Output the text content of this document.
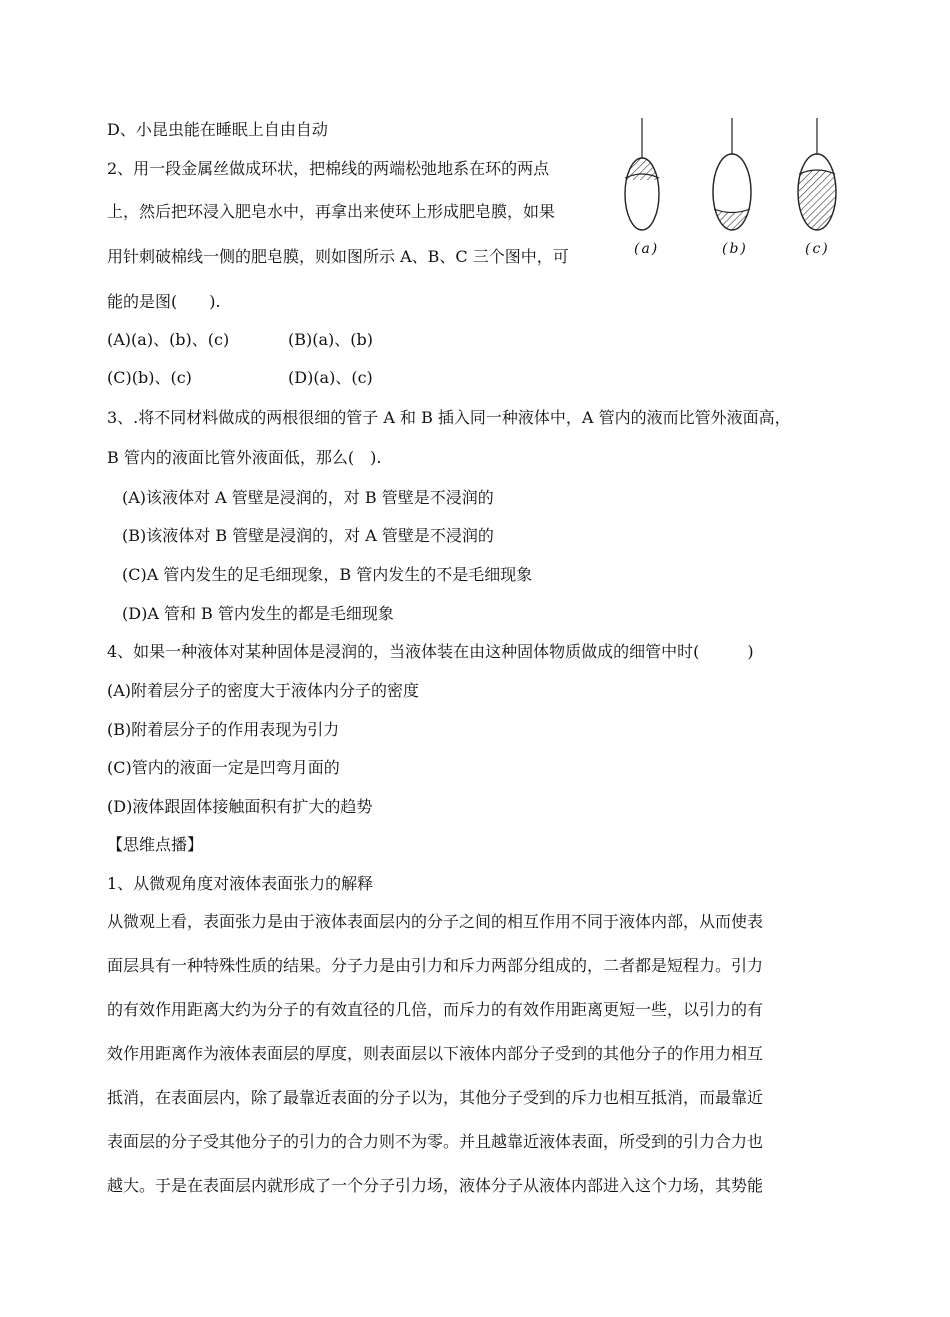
D、小昆虫能在睡眠上自由自动
2、用一段金属丝做成环状，把棉线的两端松弛地系在环的两点
上，然后把环浸入肥皂水中，再拿出来使环上形成肥皂膜，如果
用针刺破棉线一侧的肥皂膜，则如图所示 A、B、C 三个图中，可
能的是图(　　).
(A)(a)、(b)、(c)	(B)(a)、(b)
(C)(b)、(c)	(D)(a)、(c)
(a)	(b)	(c)
3、.将不同材料做成的两根很细的管子 A 和 B 插入同一种液体中，A 管内的液而比管外液面高，
B 管内的液面比管外液面低，那么(　).
(A)该液体对 A 管壁是浸润的，对 B 管壁是不浸润的
(B)该液体对 B 管壁是浸润的，对 A 管壁是不浸润的
(C)A 管内发生的足毛细现象，B 管内发生的不是毛细现象
(D)A 管和 B 管内发生的都是毛细现象
4、如果一种液体对某种固体是浸润的，当液体装在由这种固体物质做成的细管中时(　　　)
(A)附着层分子的密度大于液体内分子的密度
(B)附着层分子的作用表现为引力
(C)管内的液面一定是凹弯月面的
(D)液体跟固体接触面积有扩大的趋势
【思维点播】
1、从微观角度对液体表面张力的解释
从微观上看，表面张力是由于液体表面层内的分子之间的相互作用不同于液体内部，从而使表
面层具有一种特殊性质的结果。分子力是由引力和斥力两部分组成的，二者都是短程力。引力
的有效作用距离大约为分子的有效直径的几倍，而斥力的有效作用距离更短一些，以引力的有
效作用距离作为液体表面层的厚度，则表面层以下液体内部分子受到的其他分子的作用力相互
抵消，在表面层内，除了最靠近表面的分子以为，其他分子受到的斥力也相互抵消，而最靠近
表面层的分子受其他分子的引力的合力则不为零。并且越靠近液体表面，所受到的引力合力也
越大。于是在表面层内就形成了一个分子引力场，液体分子从液体内部进入这个力场，其势能
